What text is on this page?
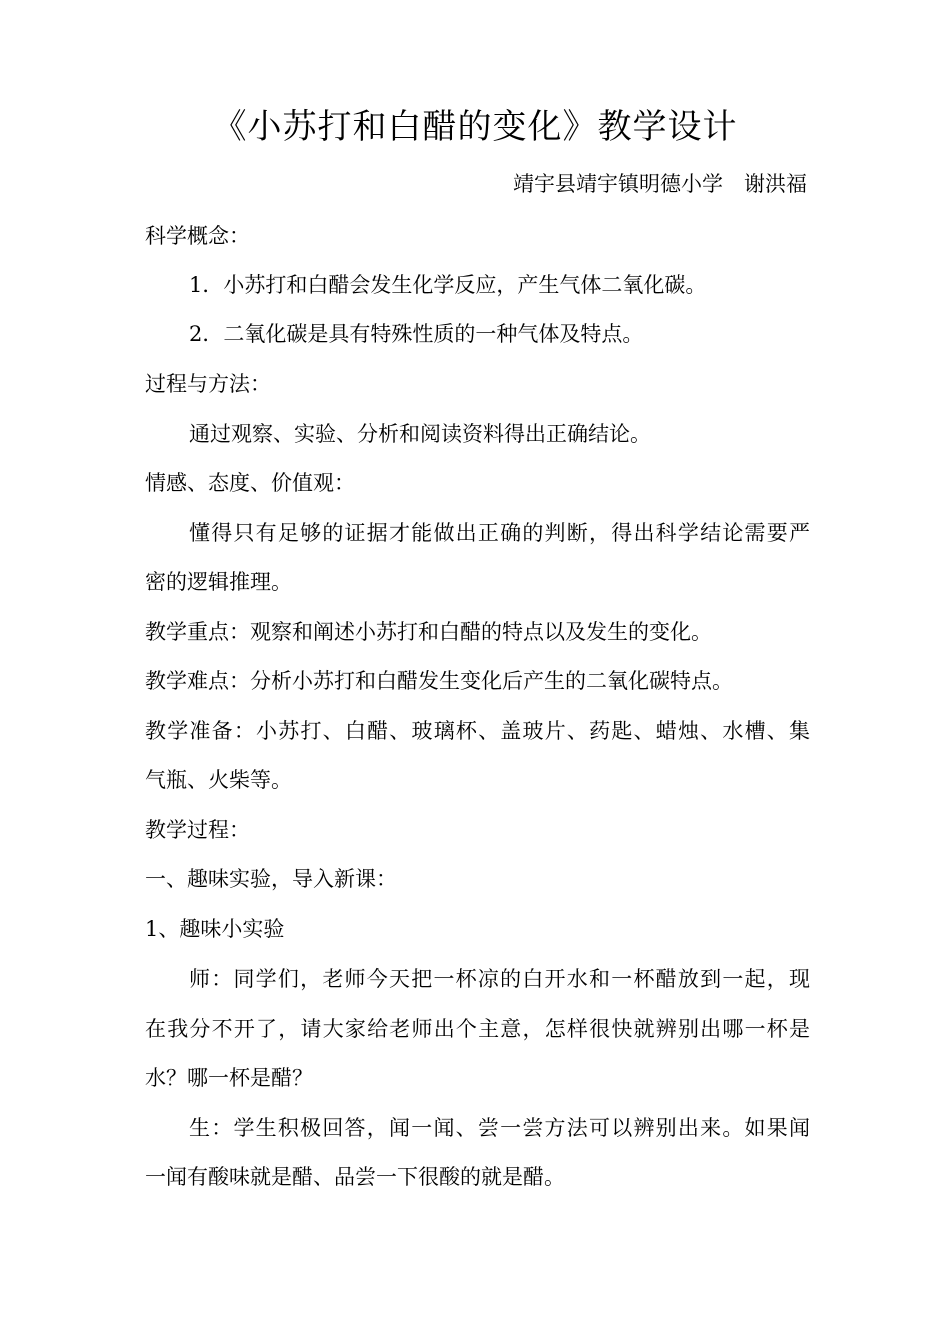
《小苏打和白醋的变化》教学设计

靖宇县靖宇镇明德小学　谢洪福

科学概念：

1．小苏打和白醋会发生化学反应，产生气体二氧化碳。

2．二氧化碳是具有特殊性质的一种气体及特点。

过程与方法：

通过观察、实验、分析和阅读资料得出正确结论。

情感、态度、价值观：

懂得只有足够的证据才能做出正确的判断，得出科学结论需要严

密的逻辑推理。

教学重点：观察和阐述小苏打和白醋的特点以及发生的变化。

教学难点：分析小苏打和白醋发生变化后产生的二氧化碳特点。

教学准备：小苏打、白醋、玻璃杯、盖玻片、药匙、蜡烛、水槽、集

气瓶、火柴等。

教学过程：

一、趣味实验，导入新课：

1、趣味小实验

师：同学们，老师今天把一杯凉的白开水和一杯醋放到一起，现

在我分不开了，请大家给老师出个主意，怎样很快就辨别出哪一杯是

水？哪一杯是醋？

生：学生积极回答，闻一闻、尝一尝方法可以辨别出来。如果闻

一闻有酸味就是醋、品尝一下很酸的就是醋。
